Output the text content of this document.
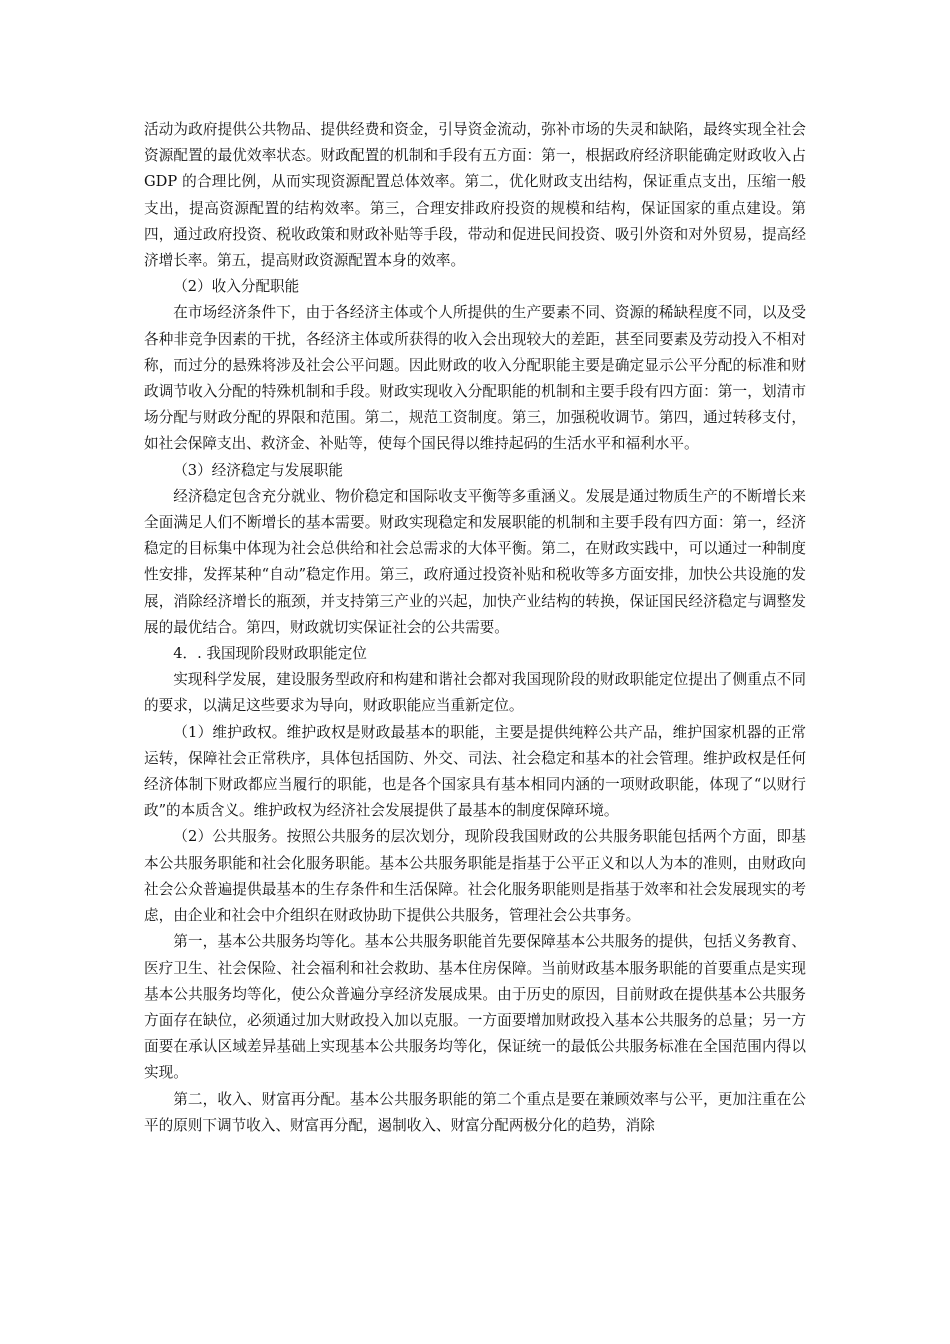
活动为政府提供公共物品、提供经费和资金，引导资金流动，弥补市场的失灵和缺陷，最终实现全社会资源配置的最优效率状态。财政配置的机制和手段有五方面：第一，根据政府经济职能确定财政收入占 GDP 的合理比例，从而实现资源配置总体效率。第二，优化财政支出结构，保证重点支出，压缩一般支出，提高资源配置的结构效率。第三，合理安排政府投资的规模和结构，保证国家的重点建设。第四，通过政府投资、税收政策和财政补贴等手段，带动和促进民间投资、吸引外资和对外贸易，提高经济增长率。第五，提高财政资源配置本身的效率。

（2）收入分配职能

在市场经济条件下，由于各经济主体或个人所提供的生产要素不同、资源的稀缺程度不同，以及受各种非竞争因素的干扰，各经济主体或所获得的收入会出现较大的差距，甚至同要素及劳动投入不相对称，而过分的悬殊将涉及社会公平问题。因此财政的收入分配职能主要是确定显示公平分配的标准和财政调节收入分配的特殊机制和手段。财政实现收入分配职能的机制和主要手段有四方面：第一，划清市场分配与财政分配的界限和范围。第二，规范工资制度。第三，加强税收调节。第四，通过转移支付，如社会保障支出、救济金、补贴等，使每个国民得以维持起码的生活水平和福利水平。

（3）经济稳定与发展职能

经济稳定包含充分就业、物价稳定和国际收支平衡等多重涵义。发展是通过物质生产的不断增长来全面满足人们不断增长的基本需要。财政实现稳定和发展职能的机制和主要手段有四方面：第一，经济稳定的目标集中体现为社会总供给和社会总需求的大体平衡。第二，在财政实践中，可以通过一种制度性安排，发挥某种“自动”稳定作用。第三，政府通过投资补贴和税收等多方面安排，加快公共设施的发展，消除经济增长的瓶颈，并支持第三产业的兴起，加快产业结构的转换，保证国民经济稳定与调整发展的最优结合。第四，财政就切实保证社会的公共需要。

4．. 我国现阶段财政职能定位

实现科学发展，建设服务型政府和构建和谐社会都对我国现阶段的财政职能定位提出了侧重点不同的要求，以满足这些要求为导向，财政职能应当重新定位。

（1）维护政权。维护政权是财政最基本的职能，主要是提供纯粹公共产品，维护国家机器的正常运转，保障社会正常秩序，具体包括国防、外交、司法、社会稳定和基本的社会管理。维护政权是任何经济体制下财政都应当履行的职能，也是各个国家具有基本相同内涵的一项财政职能，体现了“以财行政”的本质含义。维护政权为经济社会发展提供了最基本的制度保障环境。

（2）公共服务。按照公共服务的层次划分，现阶段我国财政的公共服务职能包括两个方面，即基本公共服务职能和社会化服务职能。基本公共服务职能是指基于公平正义和以人为本的准则，由财政向社会公众普遍提供最基本的生存条件和生活保障。社会化服务职能则是指基于效率和社会发展现实的考虑，由企业和社会中介组织在财政协助下提供公共服务，管理社会公共事务。

第一，基本公共服务均等化。基本公共服务职能首先要保障基本公共服务的提供，包括义务教育、医疗卫生、社会保险、社会福利和社会救助、基本住房保障。当前财政基本服务职能的首要重点是实现基本公共服务均等化，使公众普遍分享经济发展成果。由于历史的原因，目前财政在提供基本公共服务方面存在缺位，必须通过加大财政投入加以克服。一方面要增加财政投入基本公共服务的总量；另一方面要在承认区域差异基础上实现基本公共服务均等化，保证统一的最低公共服务标准在全国范围内得以实现。

第二，收入、财富再分配。基本公共服务职能的第二个重点是要在兼顾效率与公平，更加注重在公平的原则下调节收入、财富再分配，遏制收入、财富分配两极分化的趋势，消除
